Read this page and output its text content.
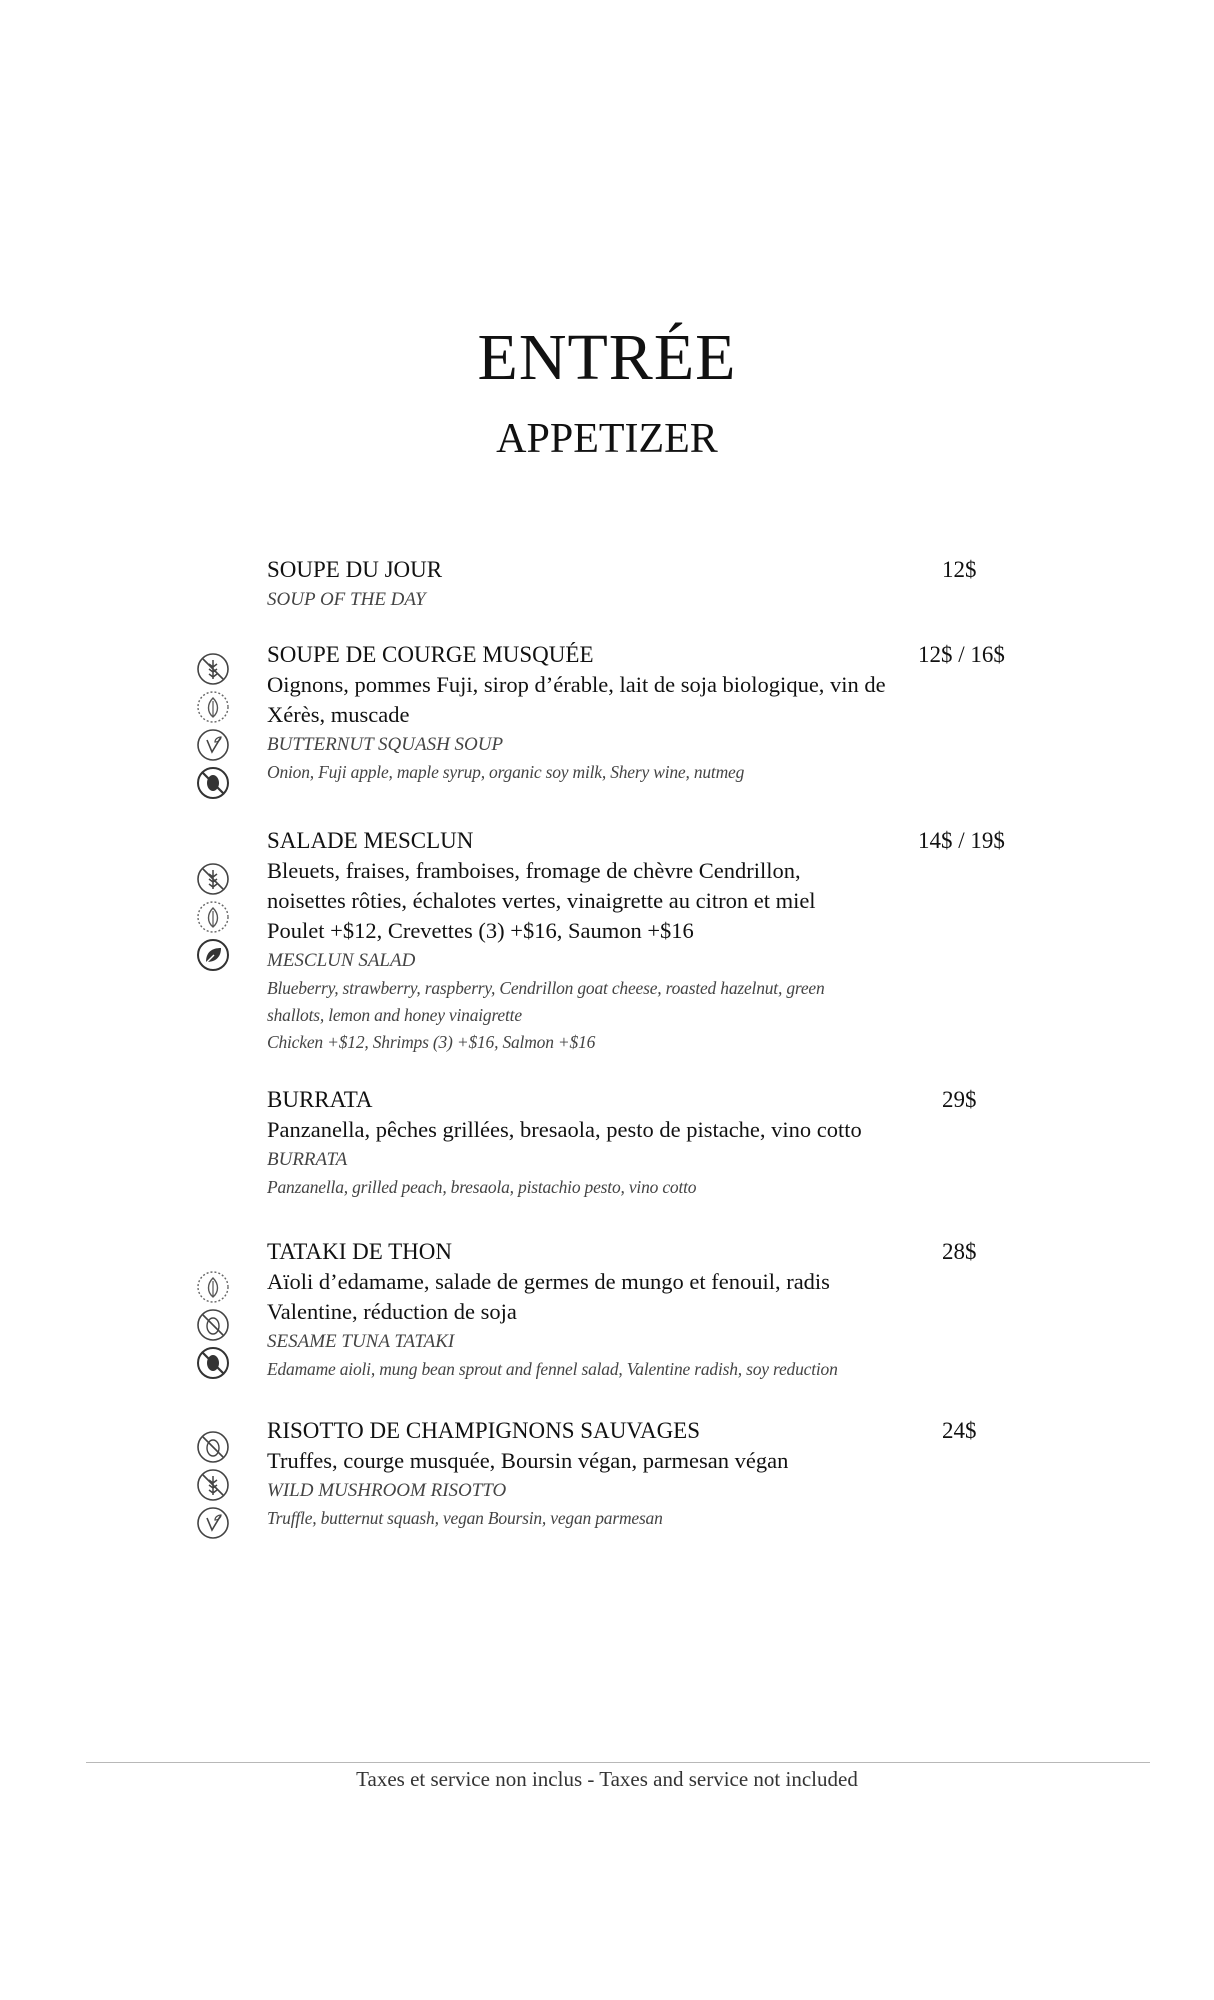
ENTRÉE
APPETIZER
SOUPE DU JOUR
SOUP OF THE DAY
12$
SOUPE DE COURGE MUSQUÉE
Oignons, pommes Fuji, sirop d’érable, lait de soja biologique, vin de
Xérès, muscade
BUTTERNUT SQUASH SOUP
Onion, Fuji apple, maple syrup, organic soy milk, Shery wine, nutmeg
12$ / 16$
SALADE MESCLUN
Bleuets, fraises, framboises, fromage de chèvre Cendrillon,
noisettes rôties, échalotes vertes, vinaigrette au citron et miel
Poulet +$12, Crevettes (3) +$16, Saumon +$16
MESCLUN SALAD
Blueberry, strawberry, raspberry, Cendrillon goat cheese, roasted hazelnut, green
shallots, lemon and honey vinaigrette
Chicken +$12, Shrimps (3) +$16, Salmon +$16
14$ / 19$
BURRATA
Panzanella, pêches grillées, bresaola, pesto de pistache, vino cotto
BURRATA
Panzanella, grilled peach, bresaola, pistachio pesto, vino cotto
29$
TATAKI DE THON
Aïoli d’edamame, salade de germes de mungo et fenouil, radis
Valentine, réduction de soja
SESAME TUNA TATAKI
Edamame aioli, mung bean sprout and fennel salad, Valentine radish, soy reduction
28$
RISOTTO DE CHAMPIGNONS SAUVAGES
Truffes, courge musquée, Boursin végan, parmesan végan
WILD MUSHROOM RISOTTO
Truffle, butternut squash, vegan Boursin, vegan parmesan
24$
Taxes et service non inclus - Taxes and service not included
